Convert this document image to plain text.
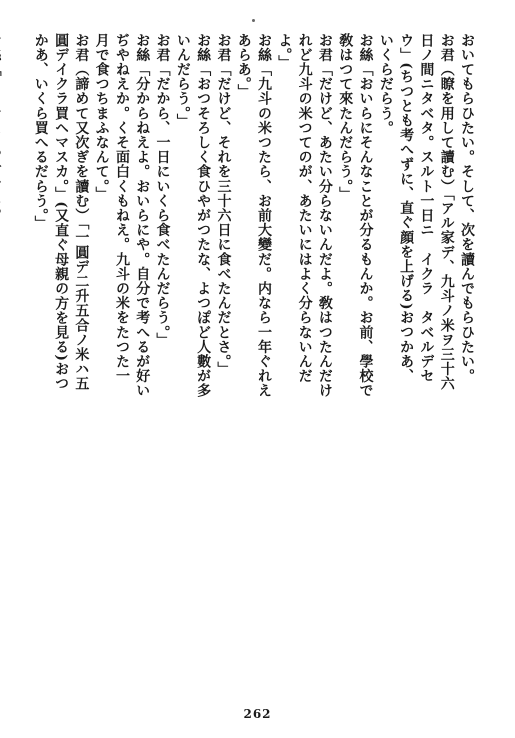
おいてもらひたい。そして、次を讀んでもらひたい。
お君（瞭を用して讀む）「アル家デ、九斗ノ米ヲ三十六
日ノ間ニタベタ。スルト一日ニ　イクラ　タベルデセ
ウ」(ちつとも考へずに、直ぐ顔を上げる)おつかあ、
いくらだらう。
お絲「おいらにそんなことが分るもんか。お前、學校で
敎はつて來たんだらう。」
お君「だけど、あたい分らないんだよ。敎はつたんだけ
れど九斗の米つてのが、あたいにはよく分らないんだ
よ。」
お絲「九斗の米つたら、お前大變だ。内なら一年ぐれえ
あらあ。」
お君「だけど、それを三十六日に食べたんだとさ。」
お絲「おつそろしく食ひやがつたな、よつぽど人數が多
いんだらう。」
お君「だから、一日にいくら食べたんだらう。」
お絲「分からねえよ。おいらにや。自分で考へるが好い
ぢやねえか。くそ面白くもねえ。九斗の米をたつた一
月で食つちまふなんて。」
お君（諦めて又次ぎを讀む）「一圓デ二升五合ノ米ハ五
圓デイクラ買ヘマスカ。」(又直ぐ母親の方を見る)おつ
かあ、いくら買へるだらう。」
262
